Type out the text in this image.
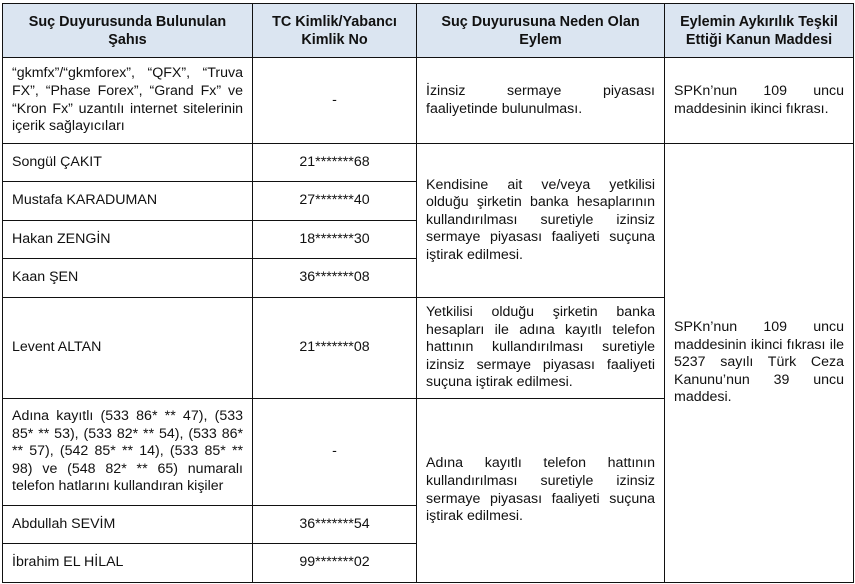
Suç Duyurusunda Bulunulan Şahıs	TC Kimlik/Yabancı Kimlik No	Suç Duyurusuna Neden Olan Eylem	Eylemin Aykırılık Teşkil Ettiği Kanun Maddesi
“gkmfx”/“gkmforex”, “QFX”, “Truva FX”, “Phase Forex”, “Grand Fx” ve “Kron Fx” uzantılı internet sitelerinin içerik sağlayıcıları	-	İzinsiz sermaye piyasası faaliyetinde bulunulması.	SPKn’nun 109 uncu maddesinin ikinci fıkrası.
Songül ÇAKIT	21*******68	Kendisine ait ve/veya yetkilisi olduğu şirketin banka hesaplarının kullandırılması suretiyle izinsiz sermaye piyasası faaliyeti suçuna iştirak edilmesi.	SPKn’nun 109 uncu maddesinin ikinci fıkrası ile 5237 sayılı Türk Ceza Kanunu’nun 39 uncu maddesi.
Mustafa KARADUMAN	27*******40		
Hakan ZENGİN	18*******30		
Kaan ŞEN	36*******08		
Levent ALTAN	21*******08	Yetkilisi olduğu şirketin banka hesapları ile adına kayıtlı telefon hattının kullandırılması suretiyle izinsiz sermaye piyasası faaliyeti suçuna iştirak edilmesi.	
Adına kayıtlı (533 86* ** 47), (533 85* ** 53), (533 82* ** 54), (533 86* ** 57), (542 85* ** 14), (533 85* ** 98) ve (548 82* ** 65) numaralı telefon hatlarını kullandıran kişiler	-	Adına kayıtlı telefon hattının kullandırılması suretiyle izinsiz sermaye piyasası faaliyeti suçuna iştirak edilmesi.	
Abdullah SEVİM	36*******54		
İbrahim EL HİLAL	99*******02		
